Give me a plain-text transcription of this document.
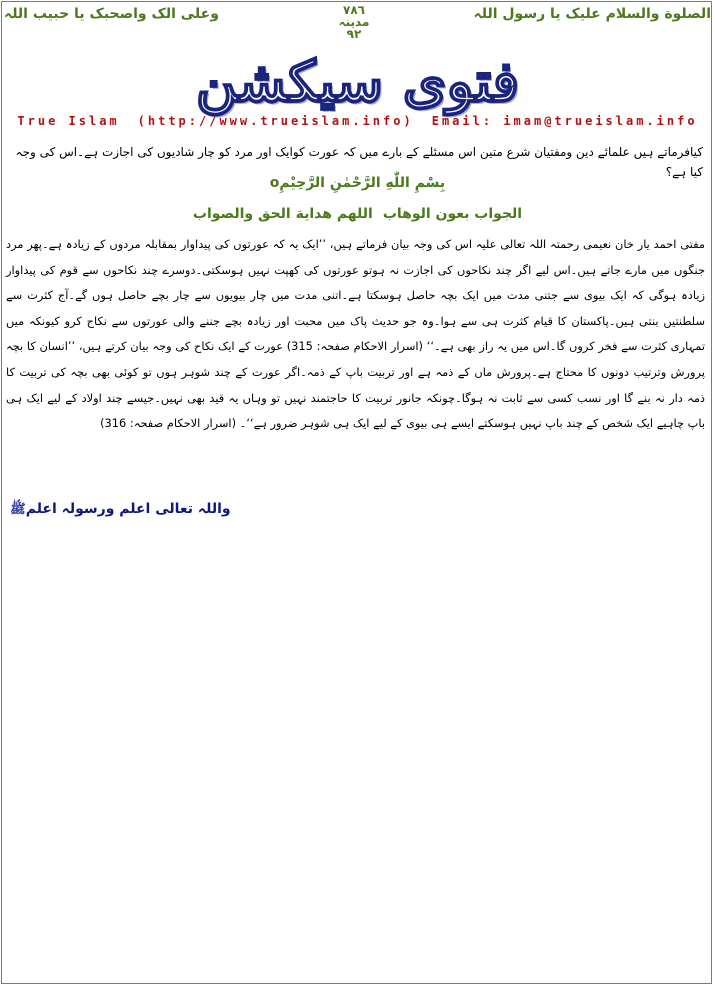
الصلوة والسلام علیک یا رسول اللہ
۷۸٦
مدینہ
۹۲
وعلی الک واصحبک یا حبیب اللہ
فتوی سیکشن
True Islam (http://www.trueislam.info) Email: imam@trueislam.info
کیافرماتے ہیں علمائے دین ومفتیان شرع متین اس مسئلے کے بارے میں کہ عورت کوایک اور مرد کو چار شادیوں کی اجازت ہے۔اس کی وجہ کیا ہے؟
بِسْمِ اللّٰهِ الرَّحْمٰنِ الرَّحِيْمِo
الجواب بعون الوھاباللھم ھدایة الحق والصواب

مفتی احمد یار خان نعیمی رحمتہ اللہ تعالی علیہ اس کی وجہ بیان فرماتے ہیں، ’’ایک یہ کہ عورتوں کی پیداوار بمقابلہ مردوں کے زیادہ ہے۔پھر مرد جنگوں میں مارے جاتے ہیں۔اس لیے اگر چند نکاحوں کی اجازت نہ ہوتو عورتوں کی کھپت نہیں ہوسکتی۔دوسرے چند نکاحوں سے قوم کی پیداوار زیادہ ہوگی کہ ایک بیوی سے جتنی مدت میں ایک بچہ حاصل ہوسکتا ہے۔اتنی مدت میں چار بیویوں سے چار بچے حاصل ہوں گے۔آج کثرت سے سلطنتیں بنتی ہیں۔پاکستان کا قیام کثرت ہی سے ہوا۔وہ جو حدیث پاک میں محبت اور زیادہ بچے جننے والی عورتوں سے نکاح کرو کیونکہ میں تمہاری کثرت سے فخر کروں گا۔اس میں یہ راز بھی ہے۔‘‘ (اسرار الاحکام صفحہ: 315) عورت کے ایک نکاح کی وجہ بیان کرتے ہیں، ’’انسان کا بچہ پرورش وترتیب دونوں کا محتاج ہے۔پرورش ماں کے ذمہ ہے اور تربیت باپ کے ذمہ۔اگر عورت کے چند شوہر ہوں تو کوئی بھی بچہ کی تربیت کا ذمہ دار نہ بنے گا اور نسب کسی سے ثابت نہ ہوگا۔چونکہ جانور تربیت کا حاجتمند نہیں تو وہاں یہ قید بھی نہیں۔جیسے چند اولاد کے لیے ایک ہی باپ چاہیے ایک شخص کے چند باپ نہیں ہوسکتے ایسے ہی بیوی کے لیے ایک ہی شوہر ضرور ہے‘‘۔ (اسرار الاحکام صفحہ: 316)

واللہ تعالی اعلم ورسولہ اعلمﷺ
